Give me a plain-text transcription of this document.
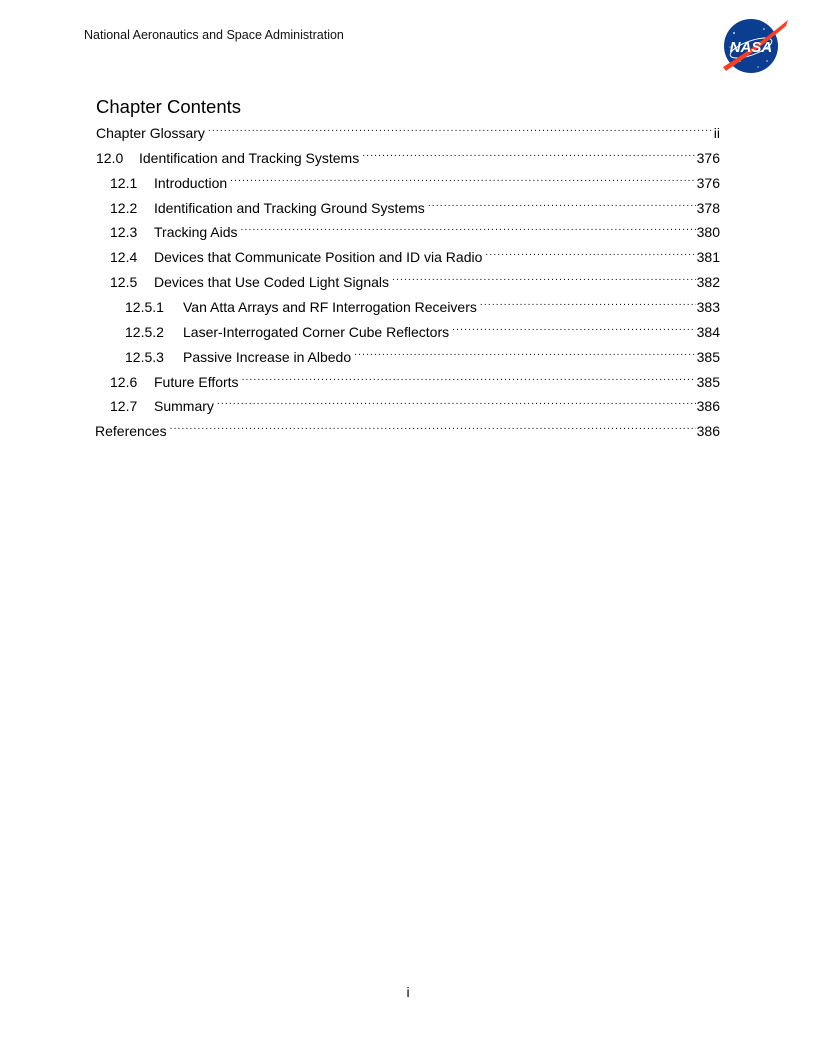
National Aeronautics and Space Administration
NASA
Chapter Contents
Chapter Glossary .....	ii
12.0	Identification and Tracking Systems .....	376
12.1	Introduction .....	376
12.2	Identification and Tracking Ground Systems .....	378
12.3	Tracking Aids .....	380
12.4	Devices that Communicate Position and ID via Radio .....	381
12.5	Devices that Use Coded Light Signals .....	382
12.5.1	Van Atta Arrays and RF Interrogation Receivers .....	383
12.5.2	Laser-Interrogated Corner Cube Reflectors .....	384
12.5.3	Passive Increase in Albedo .....	385
12.6	Future Efforts .....	385
12.7	Summary .....	386
References .....	386
i
